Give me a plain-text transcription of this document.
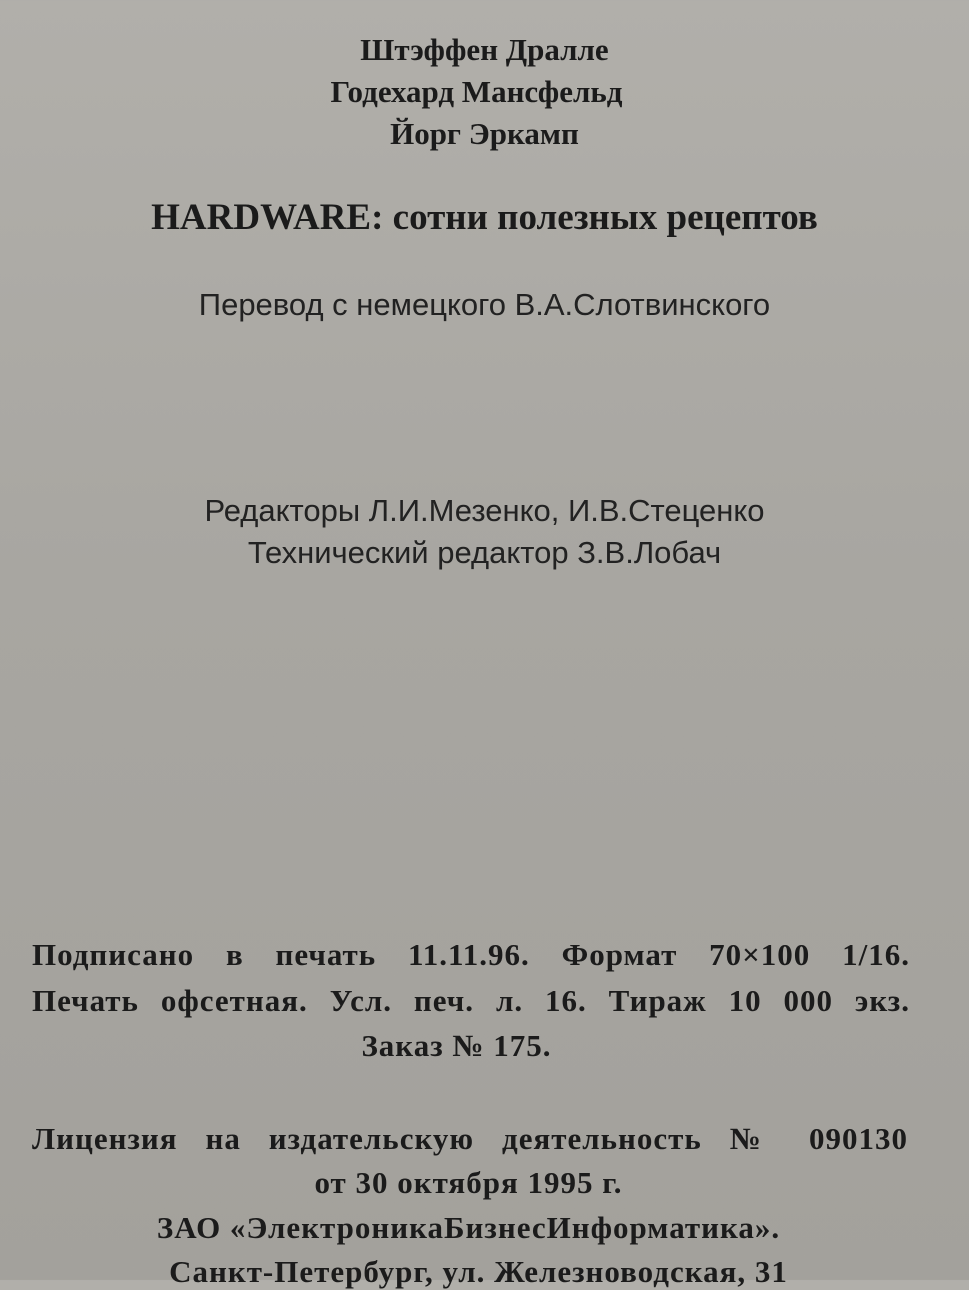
Штэффен Дралле

Годехард Мансфельд

Йорг Эркамп

HARDWARE: сотни полезных рецептов

Перевод с немецкого В.А.Слотвинского

Редакторы Л.И.Мезенко, И.В.Стеценко

Технический редактор З.В.Лобач

Подписано в печать 11.11.96. Формат 70×100 1/16.

Печать офсетная. Усл. печ. л. 16. Тираж 10 000 экз.

Заказ № 175.

Лицензия на издательскую деятельность № 090130

от 30 октября 1995 г.

ЗАО «ЭлектроникаБизнесИнформатика».

Санкт-Петербург, ул. Железноводская, 31
